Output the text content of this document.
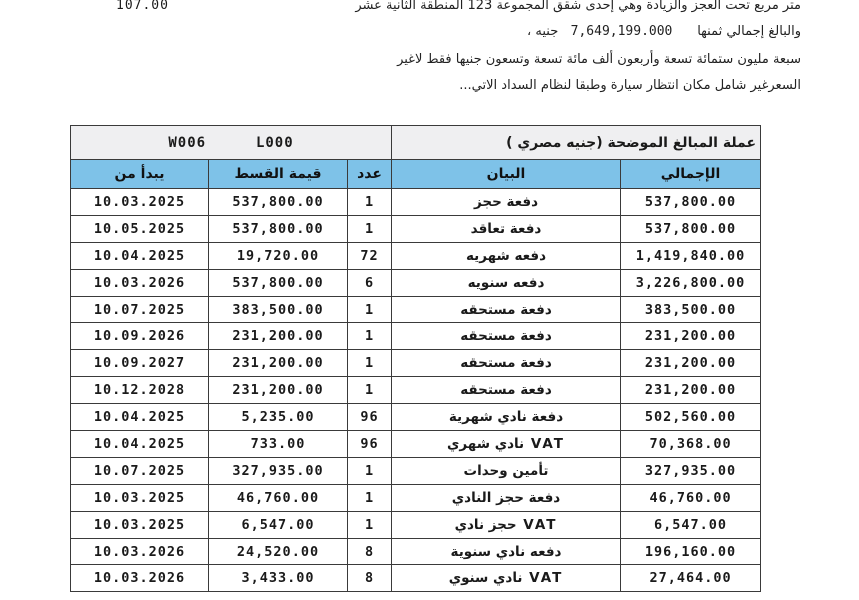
107.00	متر مربع تحت العجز والزيادة وهي إحدى شقق المجموعة 123 المنطقة الثانية عشر
والبالغ إجمالي ثمنها      7,649,199.000   جنيه ،
سبعة مليون ستمائة تسعة وأربعون ألف مائة تسعة وتسعون جنيها فقط لاغير
السعرغير شامل مكان انتظار سيارة وطبقا لنظام السداد الاتي...
W006 L000			عملة المبالغ الموضحة (جنيه مصري )	
يبدأ من	قيمة القسط	عدد	البيان	الإجمالي
10.03.2025	537,800.00	1	دفعة حجز	537,800.00
10.05.2025	537,800.00	1	دفعة تعاقد	537,800.00
10.04.2025	19,720.00	72	دفعه شهريه	1,419,840.00
10.03.2026	537,800.00	6	دفعه سنويه	3,226,800.00
10.07.2025	383,500.00	1	دفعة مستحقه	383,500.00
10.09.2026	231,200.00	1	دفعة مستحقه	231,200.00
10.09.2027	231,200.00	1	دفعة مستحقه	231,200.00
10.12.2028	231,200.00	1	دفعة مستحقه	231,200.00
10.04.2025	5,235.00	96	دفعة نادي شهرية	502,560.00
10.04.2025	733.00	96	VAT نادي شهري	70,368.00
10.07.2025	327,935.00	1	تأمين وحدات	327,935.00
10.03.2025	46,760.00	1	دفعة حجز النادي	46,760.00
10.03.2025	6,547.00	1	VAT حجز نادي	6,547.00
10.03.2026	24,520.00	8	دفعه نادي سنوية	196,160.00
10.03.2026	3,433.00	8	VAT نادي سنوي	27,464.00
